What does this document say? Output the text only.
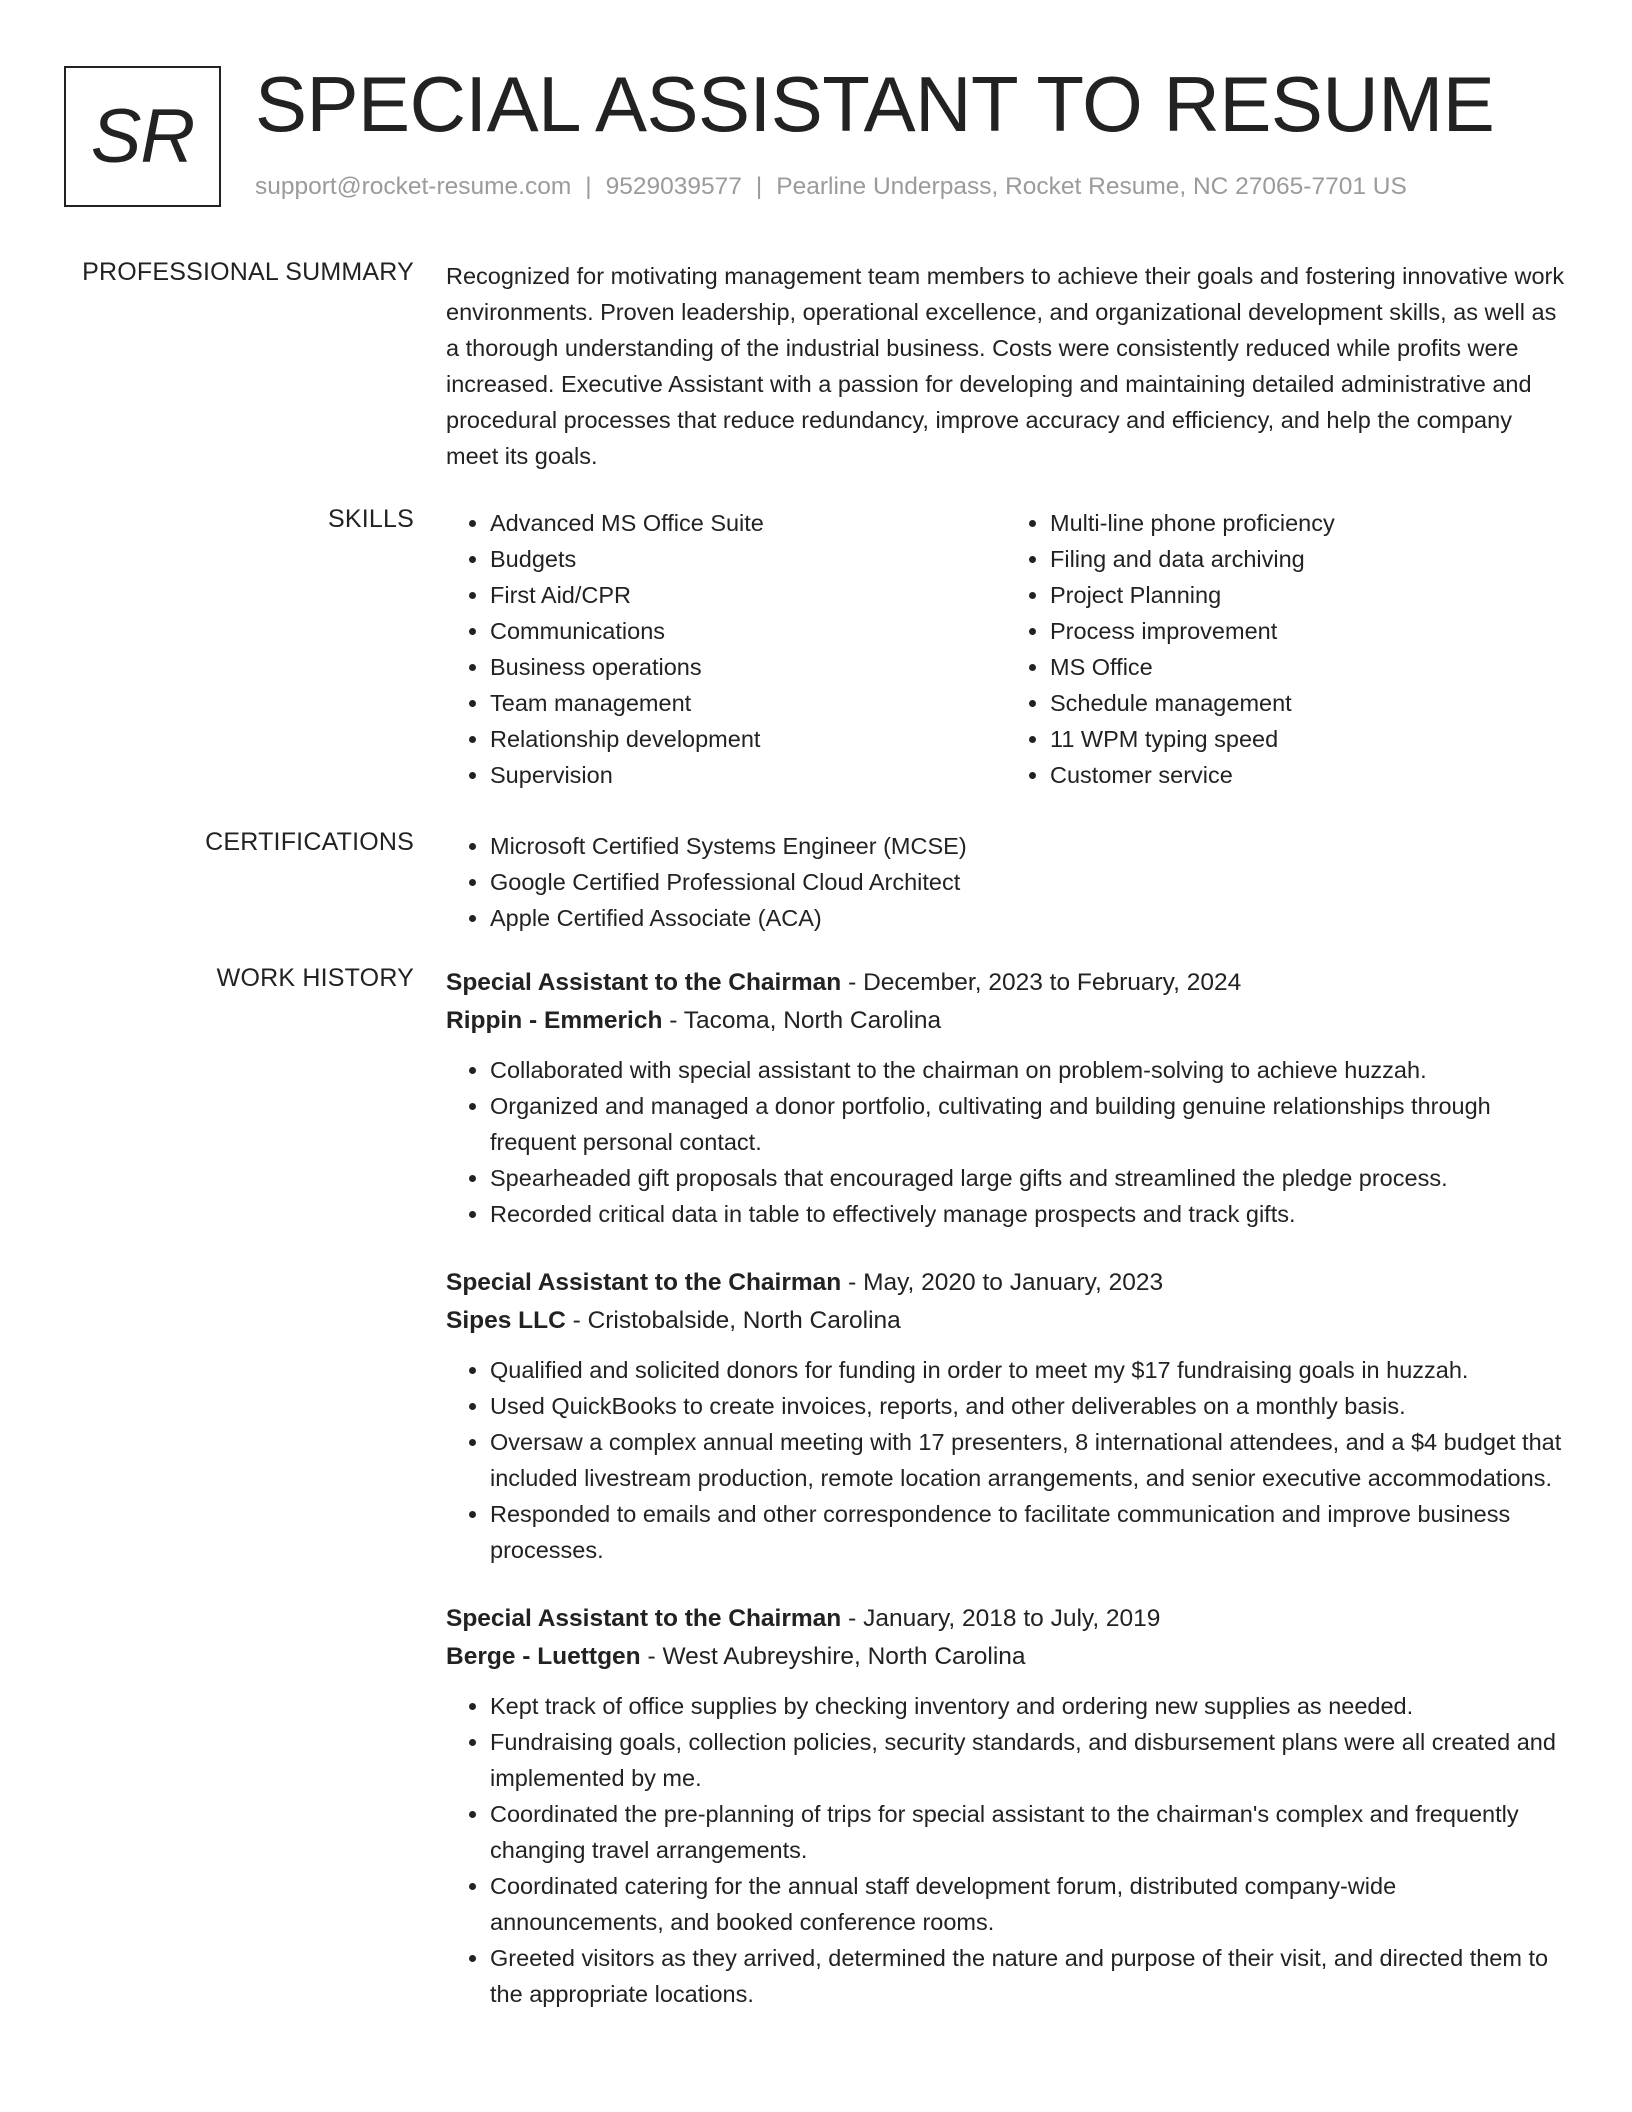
SR SPECIAL ASSISTANT TO RESUME
support@rocket-resume.com | 9529039577 | Pearline Underpass, Rocket Resume, NC 27065-7701 US
PROFESSIONAL SUMMARY Recognized for motivating management team members to achieve their goals and fostering innovative work environments. Proven leadership, operational excellence, and organizational development skills, as well as a thorough understanding of the industrial business. Costs were consistently reduced while profits were increased. Executive Assistant with a passion for developing and maintaining detailed administrative and procedural processes that reduce redundancy, improve accuracy and efficiency, and help the company meet its goals.

SKILLS	• Advanced MS Office Suite
• Budgets
• First Aid/CPR
• Communications
• Business operations
• Team management
• Relationship development
• Supervision
• Multi-line phone proficiency
• Filing and data archiving
• Project Planning
• Process improvement
• MS Office
• Schedule management
• 11 WPM typing speed
• Customer service
CERTIFICATIONS	• Microsoft Certified Systems Engineer (MCSE)
• Google Certified Professional Cloud Architect
• Apple Certified Associate (ACA)
WORK HISTORY Special Assistant to the Chairman - December, 2023 to February, 2024
Rippin - Emmerich - Tacoma, North Carolina
• Collaborated with special assistant to the chairman on problem-solving to achieve huzzah.
• Organized and managed a donor portfolio, cultivating and building genuine relationships through frequent personal contact.
• Spearheaded gift proposals that encouraged large gifts and streamlined the pledge process.
• Recorded critical data in table to effectively manage prospects and track gifts.
Special Assistant to the Chairman - May, 2020 to January, 2023
Sipes LLC - Cristobalside, North Carolina
• Qualified and solicited donors for funding in order to meet my $17 fundraising goals in huzzah.
• Used QuickBooks to create invoices, reports, and other deliverables on a monthly basis.
• Oversaw a complex annual meeting with 17 presenters, 8 international attendees, and a $4 budget that included livestream production, remote location arrangements, and senior executive accommodations.
• Responded to emails and other correspondence to facilitate communication and improve business processes.
Special Assistant to the Chairman - January, 2018 to July, 2019
Berge - Luettgen - West Aubreyshire, North Carolina
• Kept track of office supplies by checking inventory and ordering new supplies as needed.
• Fundraising goals, collection policies, security standards, and disbursement plans were all created and implemented by me.
• Coordinated the pre-planning of trips for special assistant to the chairman's complex and frequently changing travel arrangements.
• Coordinated catering for the annual staff development forum, distributed company-wide announcements, and booked conference rooms.
• Greeted visitors as they arrived, determined the nature and purpose of their visit, and directed them to the appropriate locations.
